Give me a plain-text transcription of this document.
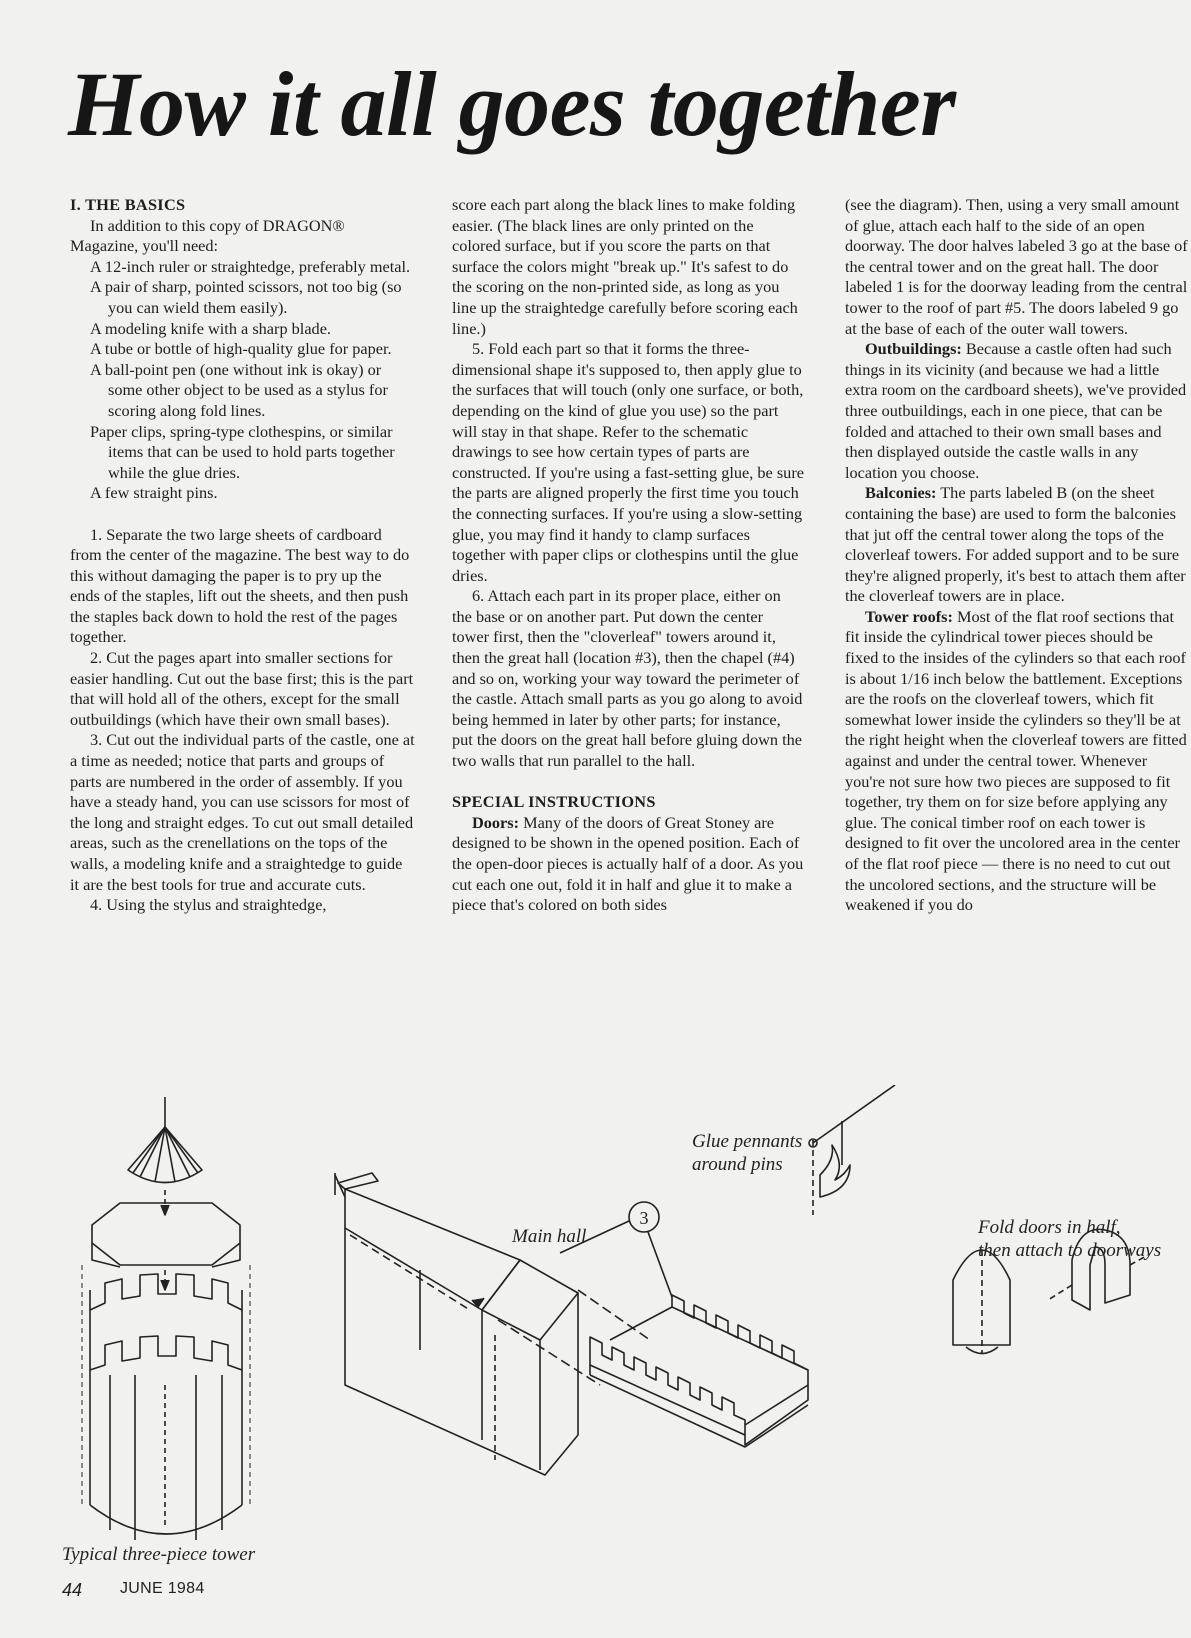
How it all goes together

I. THE BASICS

In addition to this copy of DRAGON® Magazine, you'll need:

A 12-inch ruler or straightedge, preferably metal.

A pair of sharp, pointed scissors, not too big (so you can wield them easily).

A modeling knife with a sharp blade.

A tube or bottle of high-quality glue for paper.

A ball-point pen (one without ink is okay) or some other object to be used as a stylus for scoring along fold lines.

Paper clips, spring-type clothespins, or similar items that can be used to hold parts together while the glue dries.

A few straight pins.

1. Separate the two large sheets of cardboard from the center of the magazine. The best way to do this without damaging the paper is to pry up the ends of the staples, lift out the sheets, and then push the staples back down to hold the rest of the pages together.

2. Cut the pages apart into smaller sections for easier handling. Cut out the base first; this is the part that will hold all of the others, except for the small outbuildings (which have their own small bases).

3. Cut out the individual parts of the castle, one at a time as needed; notice that parts and groups of parts are numbered in the order of assembly. If you have a steady hand, you can use scissors for most of the long and straight edges. To cut out small detailed areas, such as the crenellations on the tops of the walls, a modeling knife and a straightedge to guide it are the best tools for true and accurate cuts.

4. Using the stylus and straightedge,

score each part along the black lines to make folding easier. (The black lines are only printed on the colored surface, but if you score the parts on that surface the colors might "break up." It's safest to do the scoring on the non-printed side, as long as you line up the straightedge carefully before scoring each line.)

5. Fold each part so that it forms the three-dimensional shape it's supposed to, then apply glue to the surfaces that will touch (only one surface, or both, depending on the kind of glue you use) so the part will stay in that shape. Refer to the schematic drawings to see how certain types of parts are constructed. If you're using a fast-setting glue, be sure the parts are aligned properly the first time you touch the connecting surfaces. If you're using a slow-setting glue, you may find it handy to clamp surfaces together with paper clips or clothespins until the glue dries.

6. Attach each part in its proper place, either on the base or on another part. Put down the center tower first, then the "cloverleaf" towers around it, then the great hall (location #3), then the chapel (#4) and so on, working your way toward the perimeter of the castle. Attach small parts as you go along to avoid being hemmed in later by other parts; for instance, put the doors on the great hall before gluing down the two walls that run parallel to the hall.

SPECIAL INSTRUCTIONS

Doors: Many of the doors of Great Stoney are designed to be shown in the opened position. Each of the open-door pieces is actually half of a door. As you cut each one out, fold it in half and glue it to make a piece that's colored on both sides

(see the diagram). Then, using a very small amount of glue, attach each half to the side of an open doorway. The door halves labeled 3 go at the base of the central tower and on the great hall. The door labeled 1 is for the doorway leading from the central tower to the roof of part #5. The doors labeled 9 go at the base of each of the outer wall towers.

Outbuildings: Because a castle often had such things in its vicinity (and because we had a little extra room on the cardboard sheets), we've provided three outbuildings, each in one piece, that can be folded and attached to their own small bases and then displayed outside the castle walls in any location you choose.

Balconies: The parts labeled B (on the sheet containing the base) are used to form the balconies that jut off the central tower along the tops of the cloverleaf towers. For added support and to be sure they're aligned properly, it's best to attach them after the cloverleaf towers are in place.

Tower roofs: Most of the flat roof sections that fit inside the cylindrical tower pieces should be fixed to the insides of the cylinders so that each roof is about 1/16 inch below the battlement. Exceptions are the roofs on the cloverleaf towers, which fit somewhat lower inside the cylinders so they'll be at the right height when the cloverleaf towers are fitted against and under the central tower. Whenever you're not sure how two pieces are supposed to fit together, try them on for size before applying any glue. The conical timber roof on each tower is designed to fit over the uncolored area in the center of the flat roof piece — there is no need to cut out the uncolored sections, and the structure will be weakened if you do

3
Glue pennants
around pins
Main hall	Fold doors in half,
then attach to doorways
Typical three-piece tower
44 JUNE 1984
